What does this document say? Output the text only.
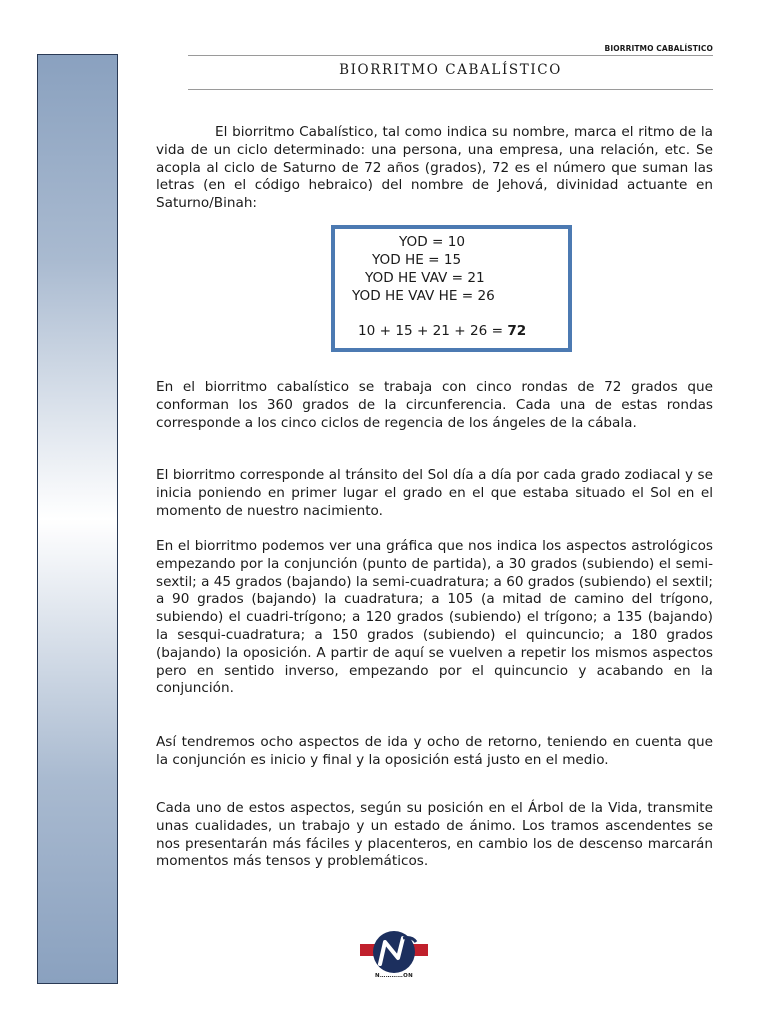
BIORRITMO CABALÍSTICO
BIORRITMO CABALÍSTICO

El biorritmo Cabalístico, tal como indica su nombre, marca el ritmo de la vida de un ciclo determinado: una persona, una empresa, una relación, etc. Se acopla al ciclo de Saturno de 72 años (grados), 72 es el número que suman las letras (en el código hebraico) del nombre de Jehová, divinidad actuante en Saturno/Binah:

YOD = 10
YOD HE = 15
YOD HE VAV = 21
YOD HE VAV HE = 26
10 + 15 + 21 + 26 = 72

En el biorritmo cabalístico se trabaja con cinco rondas de 72 grados que conforman los 360 grados de la circunferencia. Cada una de estas rondas corresponde a los cinco ciclos de regencia de los ángeles de la cábala.

El biorritmo corresponde al tránsito del Sol día a día por cada grado zodiacal y se inicia poniendo en primer lugar el grado en el que estaba situado el Sol en el momento de nuestro nacimiento.

En el biorritmo podemos ver una gráfica que nos indica los aspectos astrológicos empezando por la conjunción (punto de partida), a 30 grados (subiendo) el semi-sextil; a 45 grados (bajando) la semi-cuadratura; a 60 grados (subiendo) el sextil; a 90 grados (bajando) la cuadratura; a 105 (a mitad de camino del trígono, subiendo) el cuadri-trígono; a 120 grados (subiendo) el trígono; a 135 (bajando) la sesqui-cuadratura; a 150 grados (subiendo) el quincuncio; a 180 grados (bajando) la oposición. A partir de aquí se vuelven a repetir los mismos aspectos pero en sentido inverso, empezando por el quincuncio y acabando en la conjunción.

Así tendremos ocho aspectos de ida y ocho de retorno, teniendo en cuenta que la conjunción es inicio y final y la oposición está justo en el medio.

Cada uno de estos aspectos, según su posición en el Árbol de la Vida, transmite unas cualidades, un trabajo y un estado de ánimo. Los tramos ascendentes se nos presentarán más fáciles y placenteros, en cambio los de descenso marcarán momentos más tensos y problemáticos.

N…………ON
